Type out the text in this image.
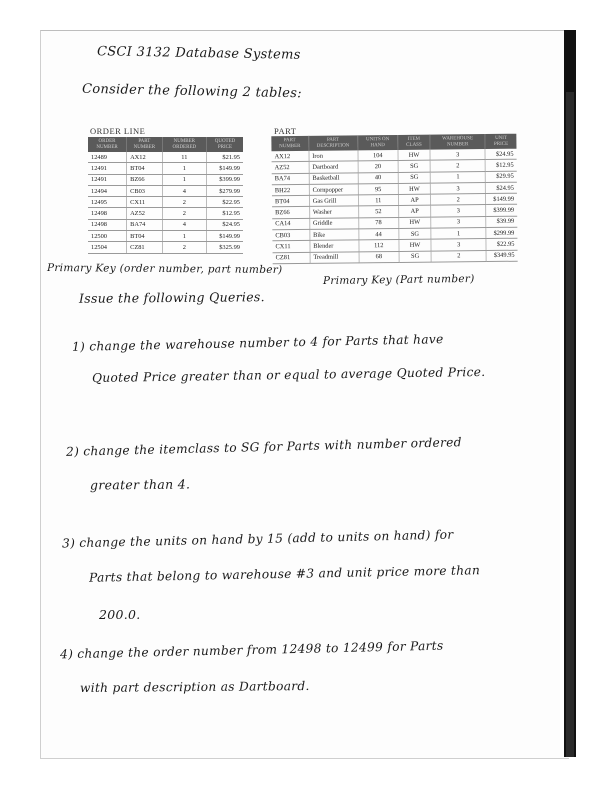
CSCI 3132 Database Systems
Consider the following 2 tables:
ORDER LINE
ORDER NUMBER	PART NUMBER	NUMBER ORDERED	QUOTED PRICE
12489	AX12	11	$21.95
12491	BT04	1	$149.99
12491	BZ66	1	$399.99
12494	CB03	4	$279.99
12495	CX11	2	$22.95
12498	AZ52	2	$12.95
12498	BA74	4	$24.95
12500	BT04	1	$149.99
12504	CZ81	2	$325.99
Primary Key (order number, part number)
PART
PART NUMBER	PART DESCRIPTION	UNITS ON HAND	ITEM CLASS	WAREHOUSE NUMBER	UNIT PRICE
AX12	Iron	104	HW	3	$24.95
AZ52	Dartboard	20	SG	2	$12.95
BA74	Basketball	40	SG	1	$29.95
BH22	Cornpopper	95	HW	3	$24.95
BT04	Gas Grill	11	AP	2	$149.99
BZ66	Washer	52	AP	3	$399.99
CA14	Griddle	78	HW	3	$39.99
CB03	Bike	44	SG	1	$299.99
CX11	Blender	112	HW	3	$22.95
CZ81	Treadmill	68	SG	2	$349.95
Primary Key (Part number)
Issue the following Queries.
1) change the warehouse number to 4 for Parts that have
Quoted Price greater than or equal to average Quoted Price.
2) change the itemclass to SG for Parts with number ordered
greater than 4.
3) change the units on hand by 15 (add to units on hand) for
Parts that belong to warehouse #3 and unit price more than
200.0.
4) change the order number from 12498 to 12499 for Parts
with part description as Dartboard.
